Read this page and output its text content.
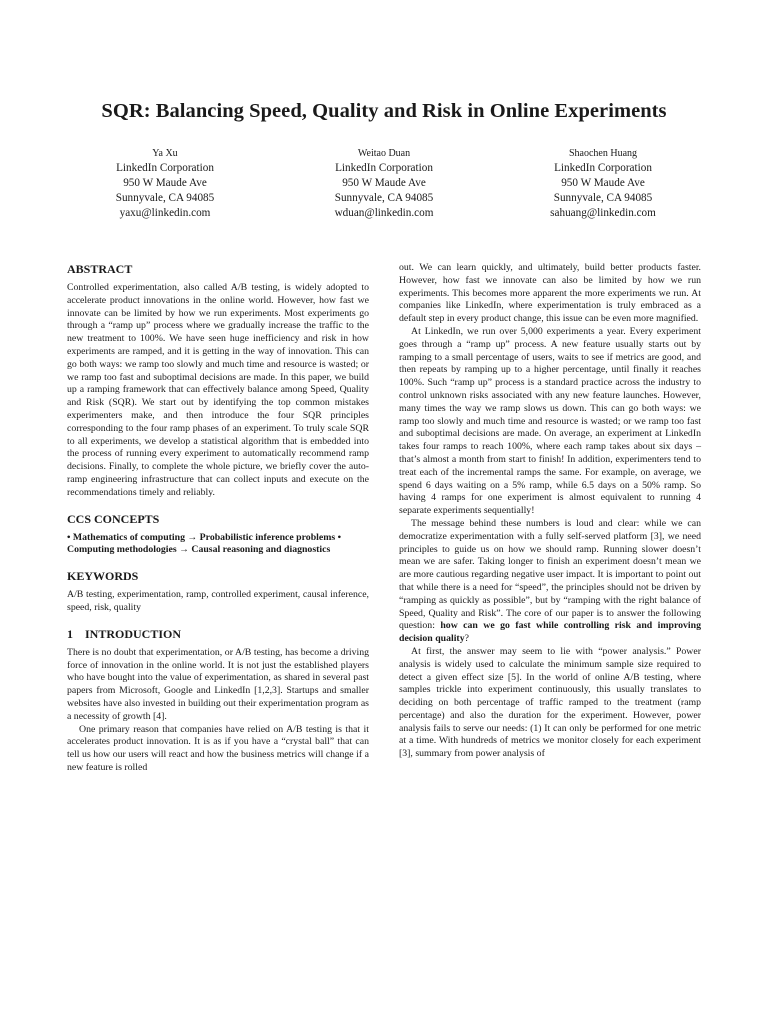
SQR: Balancing Speed, Quality and Risk in Online Experiments
Ya Xu
LinkedIn Corporation
950 W Maude Ave
Sunnyvale, CA 94085
yaxu@linkedin.com
Weitao Duan
LinkedIn Corporation
950 W Maude Ave
Sunnyvale, CA 94085
wduan@linkedin.com
Shaochen Huang
LinkedIn Corporation
950 W Maude Ave
Sunnyvale, CA 94085
sahuang@linkedin.com
ABSTRACT

Controlled experimentation, also called A/B testing, is widely adopted to accelerate product innovations in the online world. However, how fast we innovate can be limited by how we run experiments. Most experiments go through a “ramp up” process where we gradually increase the traffic to the new treatment to 100%. We have seen huge inefficiency and risk in how experiments are ramped, and it is getting in the way of innovation. This can go both ways: we ramp too slowly and much time and resource is wasted; or we ramp too fast and suboptimal decisions are made. In this paper, we build up a ramping framework that can effectively balance among Speed, Quality and Risk (SQR). We start out by identifying the top common mistakes experimenters make, and then introduce the four SQR principles corresponding to the four ramp phases of an experiment. To truly scale SQR to all experiments, we develop a statistical algorithm that is embedded into the process of running every experiment to automatically recommend ramp decisions. Finally, to complete the whole picture, we briefly cover the auto-ramp engineering infrastructure that can collect inputs and execute on the recommendations timely and reliably.

CCS CONCEPTS

• Mathematics of computing → Probabilistic inference problems • Computing methodologies → Causal reasoning and diagnostics

KEYWORDS

A/B testing, experimentation, ramp, controlled experiment, causal inference, speed, risk, quality

1 INTRODUCTION

There is no doubt that experimentation, or A/B testing, has become a driving force of innovation in the online world. It is not just the established players who have bought into the value of experimentation, as shared in several past papers from Microsoft, Google and LinkedIn [1,2,3]. Startups and smaller websites have also invested in building out their experimentation program as a necessity of growth [4].

One primary reason that companies have relied on A/B testing is that it accelerates product innovation. It is as if you have a “crystal ball” that can tell us how our users will react and how the business metrics will change if a new feature is rolled

out. We can learn quickly, and ultimately, build better products faster. However, how fast we innovate can also be limited by how we run experiments. This becomes more apparent the more experiments we run. At companies like LinkedIn, where experimentation is truly embraced as a default step in every product change, this issue can be even more magnified.

At LinkedIn, we run over 5,000 experiments a year. Every experiment goes through a “ramp up” process. A new feature usually starts out by ramping to a small percentage of users, waits to see if metrics are good, and then repeats by ramping up to a higher percentage, until finally it reaches 100%. Such “ramp up” process is a standard practice across the industry to control unknown risks associated with any new feature launches. However, many times the way we ramp slows us down. This can go both ways: we ramp too slowly and much time and resource is wasted; or we ramp too fast and suboptimal decisions are made. On average, an experiment at LinkedIn takes four ramps to reach 100%, where each ramp takes about six days – that’s almost a month from start to finish! In addition, experimenters tend to treat each of the incremental ramps the same. For example, on average, we spend 6 days waiting on a 5% ramp, while 6.5 days on a 50% ramp. So having 4 ramps for one experiment is almost equivalent to running 4 separate experiments sequentially!

The message behind these numbers is loud and clear: while we can democratize experimentation with a fully self-served platform [3], we need principles to guide us on how we should ramp. Running slower doesn’t mean we are safer. Taking longer to finish an experiment doesn’t mean we are more cautious regarding negative user impact. It is important to point out that while there is a need for “speed”, the principles should not be driven by “ramping as quickly as possible”, but by “ramping with the right balance of Speed, Quality and Risk”. The core of our paper is to answer the following question: how can we go fast while controlling risk and improving decision quality?

At first, the answer may seem to lie with “power analysis.” Power analysis is widely used to calculate the minimum sample size required to detect a given effect size [5]. In the world of online A/B testing, where samples trickle into experiment continuously, this usually translates to deciding on both percentage of traffic ramped to the treatment (ramp percentage) and also the duration for the experiment. However, power analysis fails to serve our needs: (1) It can only be performed for one metric at a time. With hundreds of metrics we monitor closely for each experiment [3], summary from power analysis of
